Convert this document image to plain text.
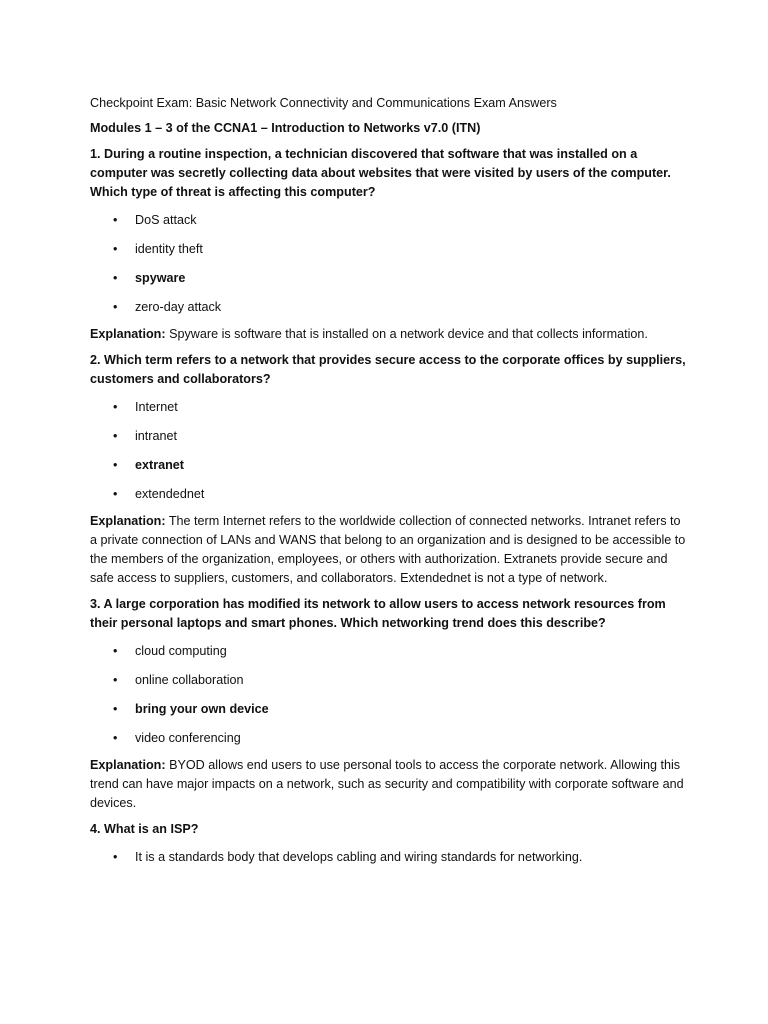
Checkpoint Exam: Basic Network Connectivity and Communications Exam Answers

Modules 1 – 3 of the CCNA1 – Introduction to Networks v7.0 (ITN)

1. During a routine inspection, a technician discovered that software that was installed on a computer was secretly collecting data about websites that were visited by users of the computer. Which type of threat is affecting this computer?

• DoS attack
• identity theft
• spyware
• zero-day attack

Explanation: Spyware is software that is installed on a network device and that collects information.

2. Which term refers to a network that provides secure access to the corporate offices by suppliers, customers and collaborators?

• Internet
• intranet
• extranet
• extendednet

Explanation: The term Internet refers to the worldwide collection of connected networks. Intranet refers to a private connection of LANs and WANS that belong to an organization and is designed to be accessible to the members of the organization, employees, or others with authorization. Extranets provide secure and safe access to suppliers, customers, and collaborators. Extendednet is not a type of network.

3. A large corporation has modified its network to allow users to access network resources from their personal laptops and smart phones. Which networking trend does this describe?

• cloud computing
• online collaboration
• bring your own device
• video conferencing

Explanation: BYOD allows end users to use personal tools to access the corporate network. Allowing this trend can have major impacts on a network, such as security and compatibility with corporate software and devices.

4. What is an ISP?

• It is a standards body that develops cabling and wiring standards for networking.
